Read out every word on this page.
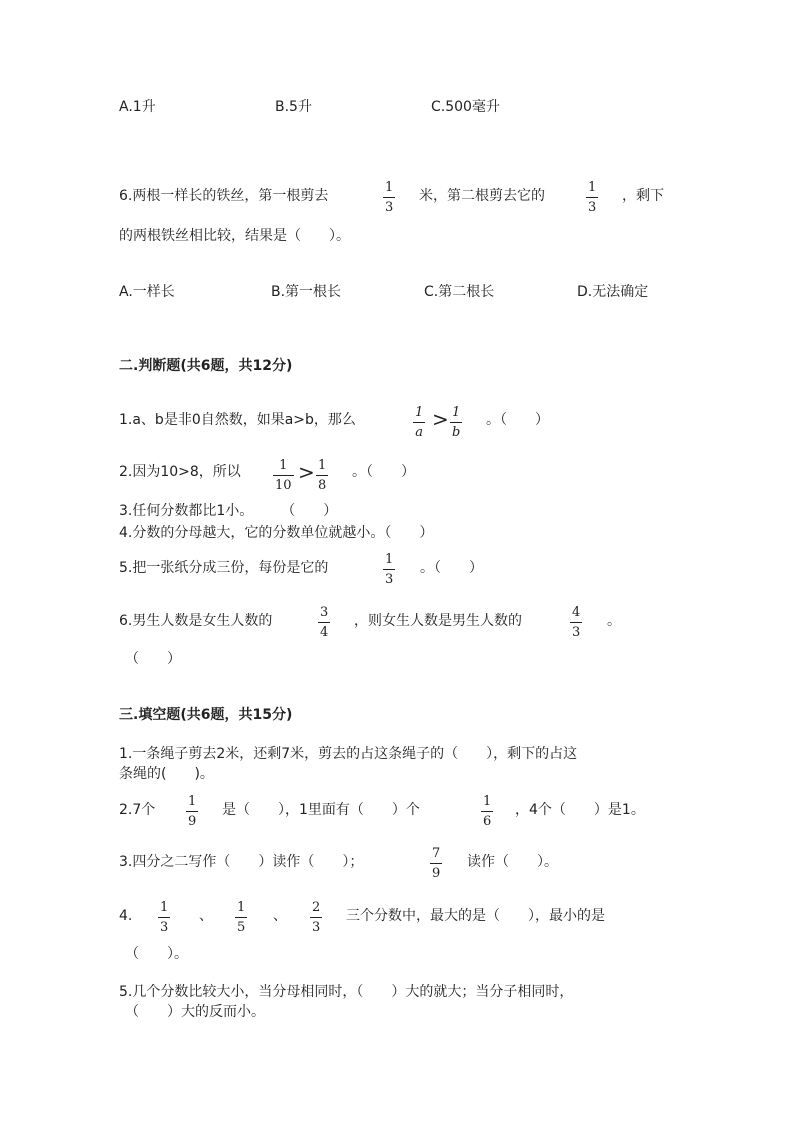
A.1升	B.5升	C.500毫升
6.两根一样长的铁丝，第一根剪去	$\frac{1}{3}$ 米，第二根剪去它的	$\frac{1}{3}$ ，剩下
的两根铁丝相比较，结果是（　　）。
A.一样长	B.第一根长	C.第二根长	D.无法确定
二.判断题(共6题，共12分)
1.a、b是非0自然数，如果a>b，那么	$\frac{1}{a} > \frac{1}{b}$ 。（　　）
2.因为10>8，所以 $\frac{1}{10} > \frac{1}{8}$ 。（　　）
3.任何分数都比1小。　　　（　　）
4.分数的分母越大，它的分数单位就越小。（　　）
5.把一张纸分成三份，每份是它的	$\frac{1}{3}$ 。（　　）
6.男生人数是女生人数的	$\frac{3}{4}$ ，则女生人数是男生人数的	$\frac{4}{3}$ 。
（　　）
三.填空题(共6题，共15分)
1.一条绳子剪去2米，还剩7米，剪去的占这条绳子的（　　），剩下的占这
条绳的(　　)。
2.7个 $\frac{1}{9}$ 是（　　），1里面有（　　）个	$\frac{1}{6}$ ，4个（　　）是1。
3.四分之二写作（　　）读作（　　）；	$\frac{7}{9}$ 读作（　　）。
4. $\frac{1}{3}$ 、 $\frac{1}{5}$ 、 $\frac{2}{3}$ 三个分数中，最大的是（　　），最小的是
（　　）。
5.几个分数比较大小，当分母相同时，（　　）大的就大；当分子相同时，
（　　）大的反而小。
